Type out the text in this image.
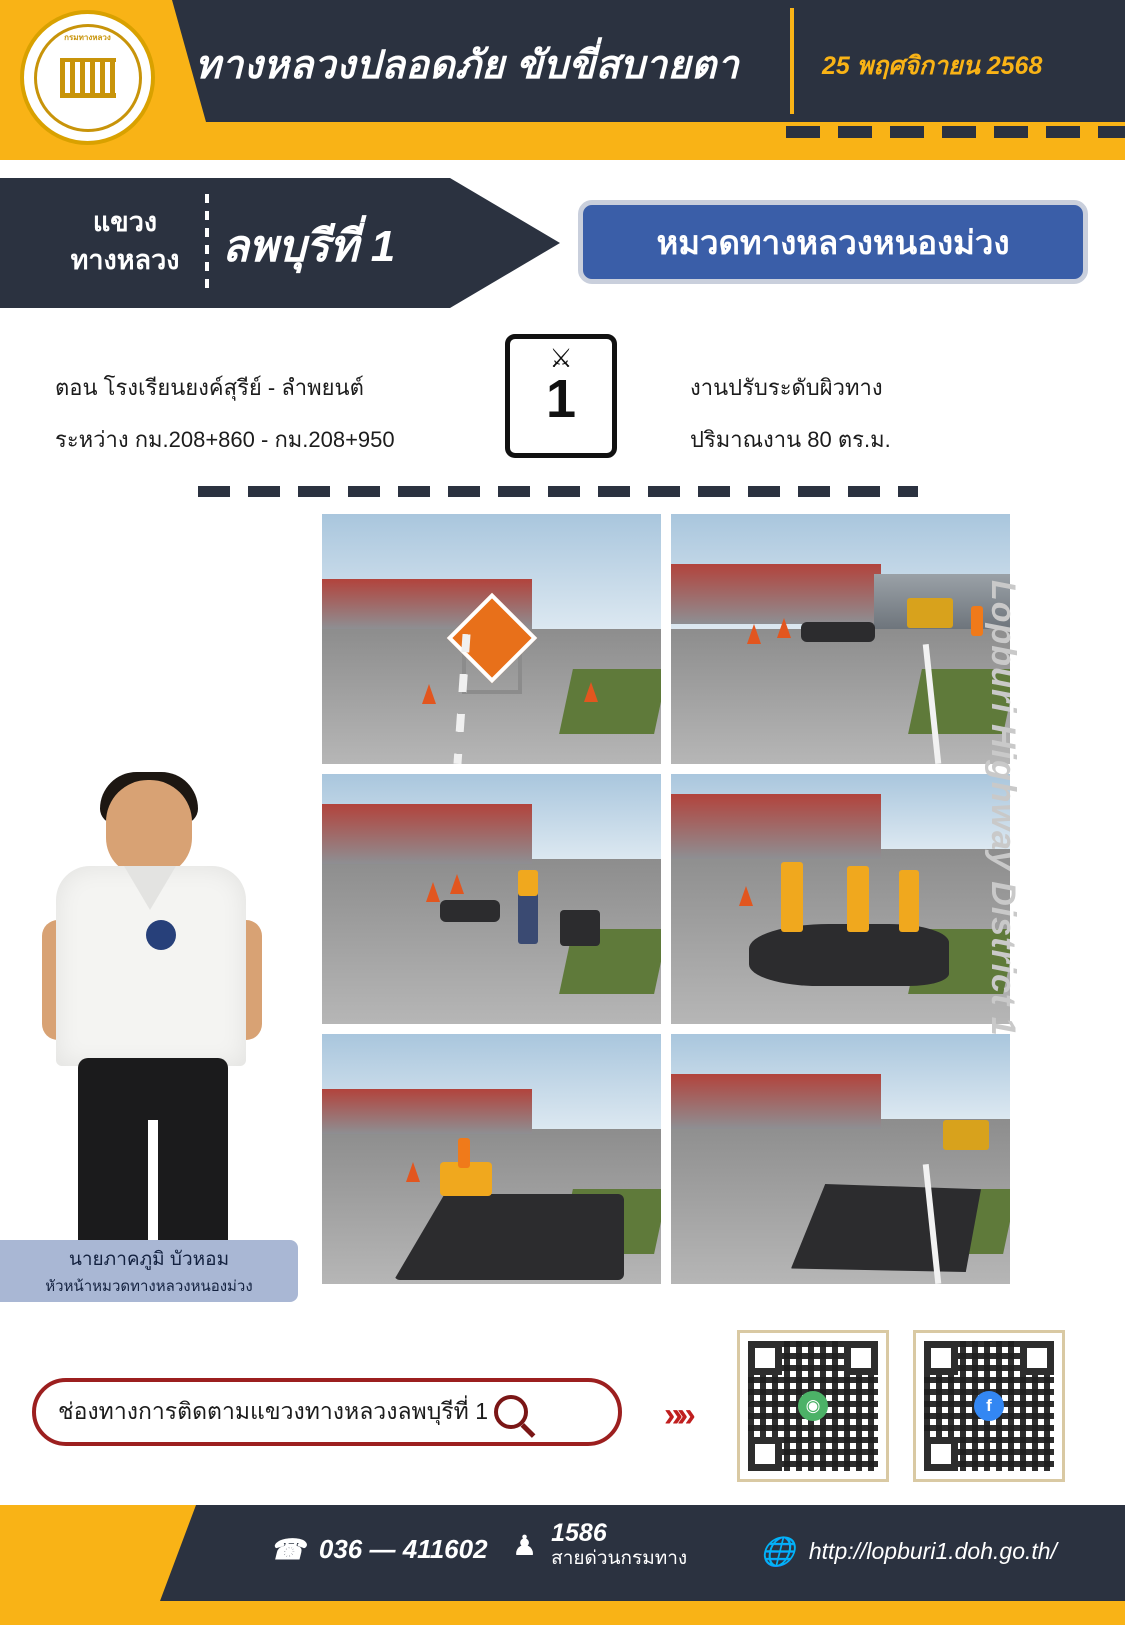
ทางหลวงปลอดภัย ขับขี่สบายตา	25 พฤศจิกายน 2568
กรมทางหลวง
แขวง
ทางหลวง ลพบุรีที่ 1	หมวดทางหลวงหนองม่วง
ตอน โรงเรียนยงค์สุรีย์ - ลำพยนต์
ระหว่าง กม.208+860 - กม.208+950
⚔
1	งานปรับระดับผิวทาง
ปริมาณงาน 80 ตร.ม.
Lopburi Highway District 1
นายภาคภูมิ บัวหอม
หัวหน้าหมวดทางหลวงหนองม่วง
ช่องทางการติดตามแขวงทางหลวงลพบุรีที่ 1	»»	◉	f
☎ 036 — 411602 ♟ 1586
สายด่วนกรมทาง	🌐 http://lopburi1.doh.go.th/
